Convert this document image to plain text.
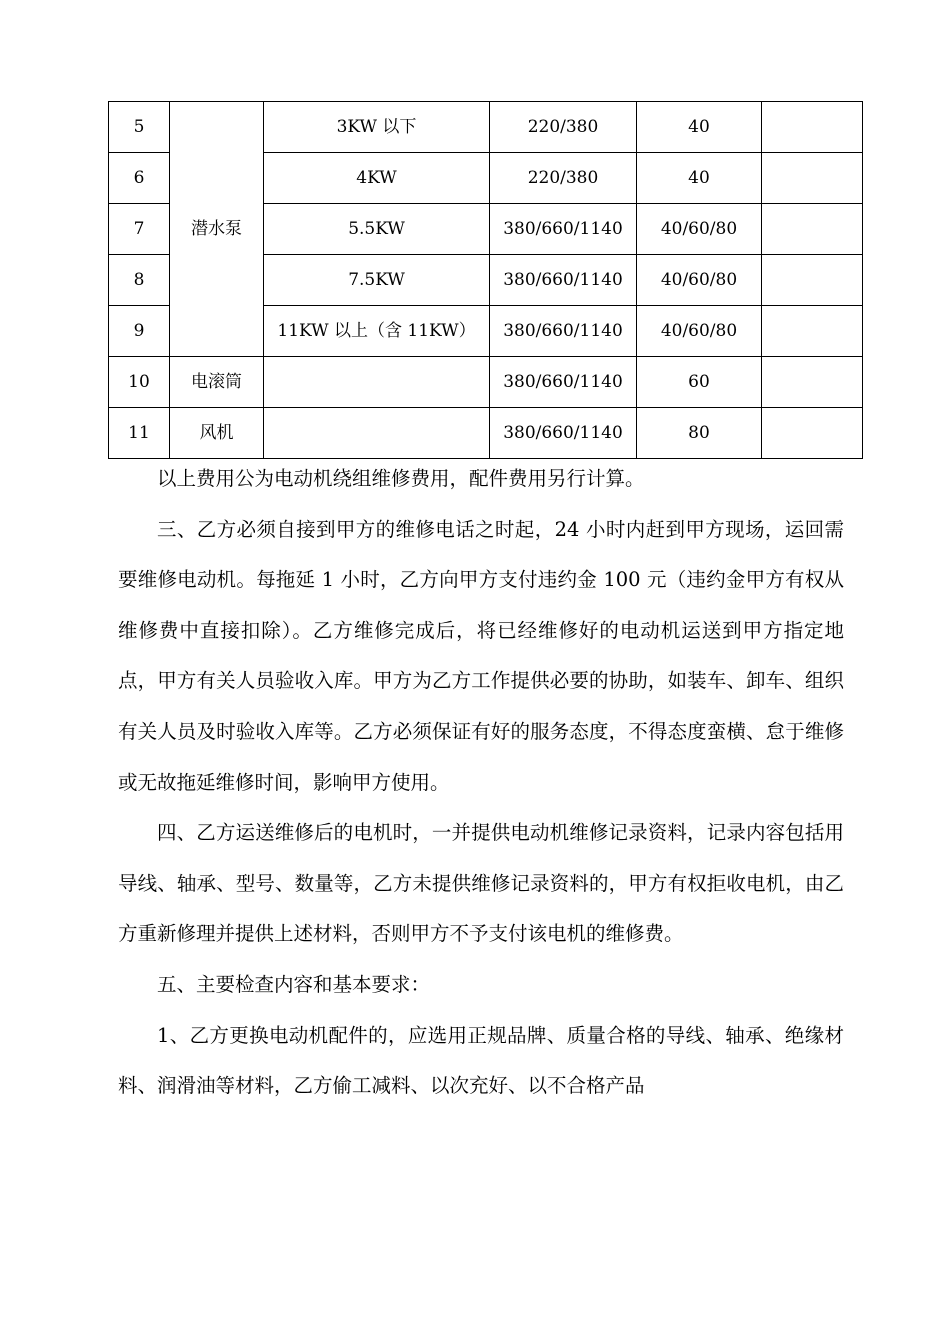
5	潜水泵	3KW 以下	220/380	40	
6		4KW	220/380	40	
7		5.5KW	380/660/1140	40/60/80	
8		7.5KW	380/660/1140	40/60/80	
9		11KW 以上（含 11KW）	380/660/1140	40/60/80	
10	电滚筒		380/660/1140	60	
11	风机		380/660/1140	80	

以上费用公为电动机绕组维修费用，配件费用另行计算。

三、乙方必须自接到甲方的维修电话之时起，24 小时内赶到甲方现场，运回需要维修电动机。每拖延 1 小时，乙方向甲方支付违约金 100 元（违约金甲方有权从维修费中直接扣除）。乙方维修完成后，将已经维修好的电动机运送到甲方指定地点，甲方有关人员验收入库。甲方为乙方工作提供必要的协助，如装车、卸车、组织有关人员及时验收入库等。乙方必须保证有好的服务态度，不得态度蛮横、怠于维修或无故拖延维修时间，影响甲方使用。

四、乙方运送维修后的电机时，一并提供电动机维修记录资料，记录内容包括用导线、轴承、型号、数量等，乙方未提供维修记录资料的，甲方有权拒收电机，由乙方重新修理并提供上述材料，否则甲方不予支付该电机的维修费。

五、主要检查内容和基本要求：

1、乙方更换电动机配件的，应选用正规品牌、质量合格的导线、轴承、绝缘材料、润滑油等材料，乙方偷工减料、以次充好、以不合格产品
